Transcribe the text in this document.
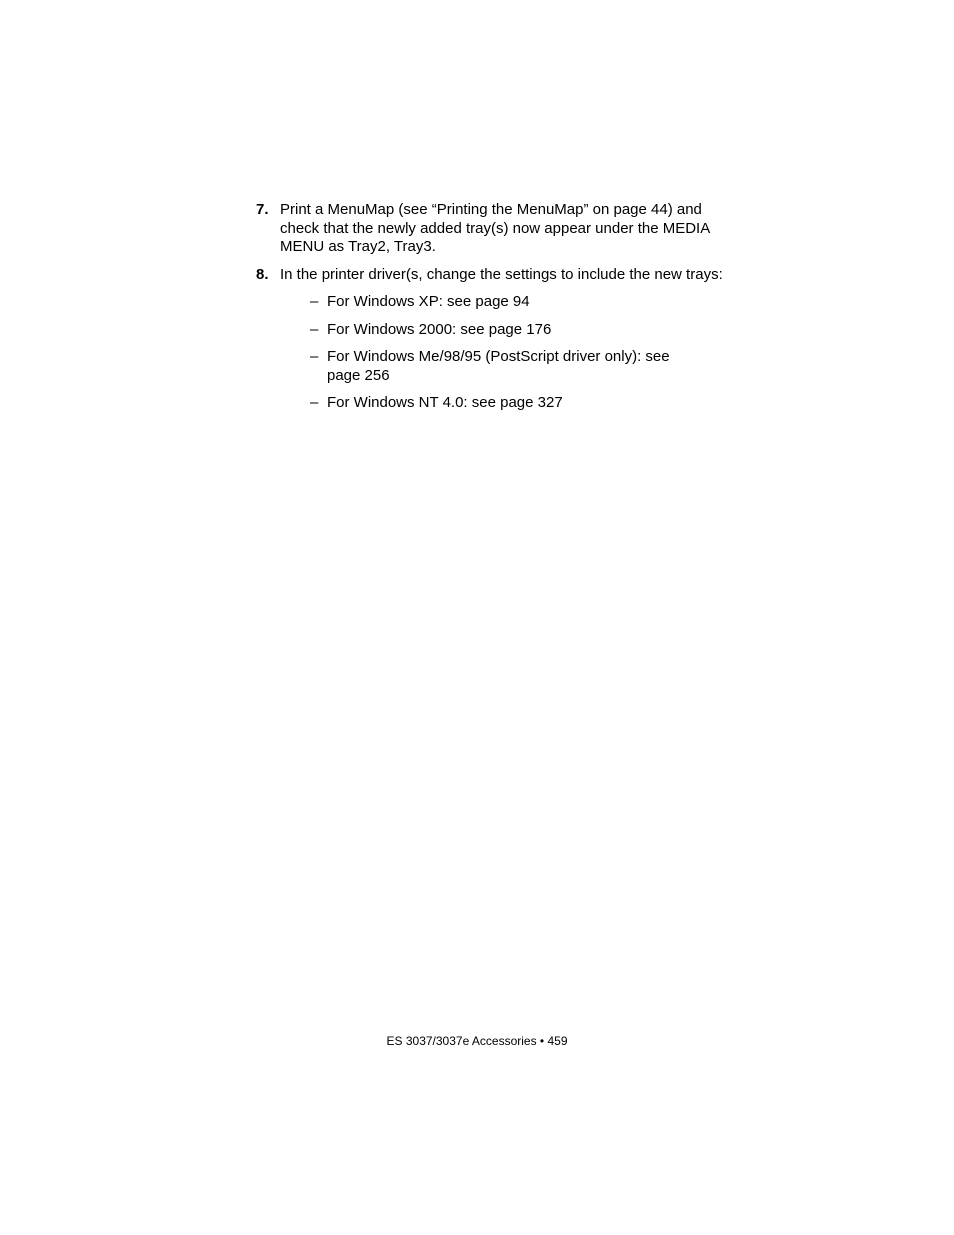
7. Print a MenuMap (see “Printing the MenuMap” on page 44) and check that the newly added tray(s) now appear under the MEDIA MENU as Tray2, Tray3.
8. In the printer driver(s, change the settings to include the new trays:
– For Windows XP: see page 94
– For Windows 2000: see page 176
– For Windows Me/98/95 (PostScript driver only): see page 256
– For Windows NT 4.0: see page 327
ES 3037/3037e Accessories • 459
